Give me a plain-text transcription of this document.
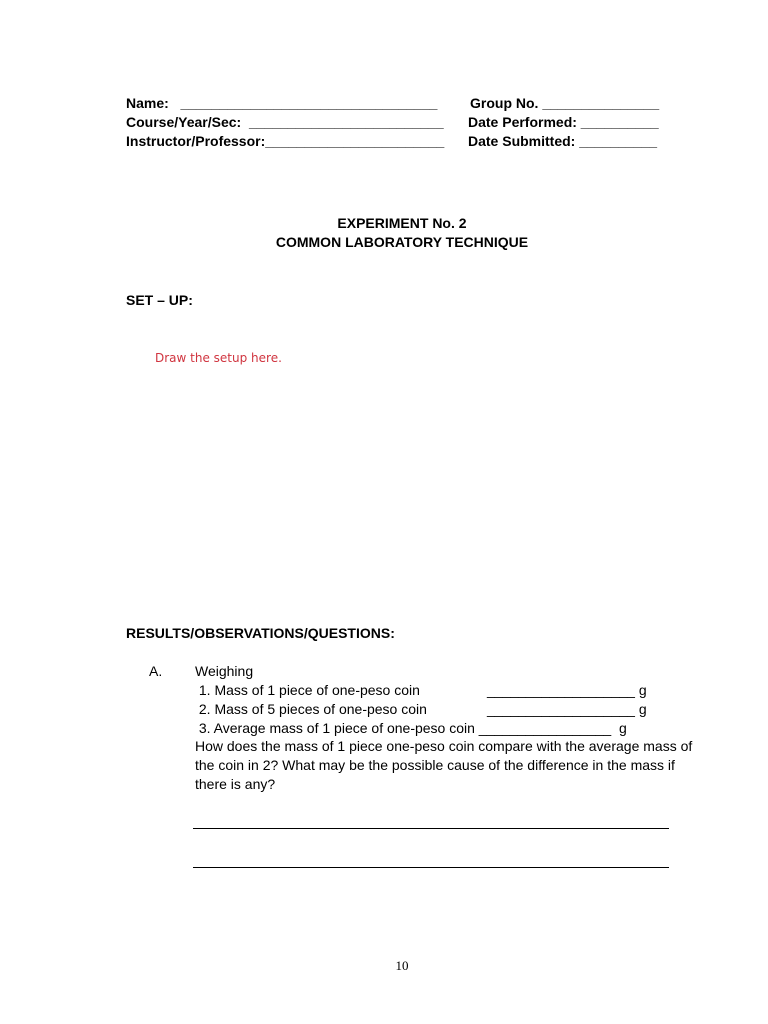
Name:   _________________________________ Group No. _______________
Course/Year/Sec:  _________________________ Date Performed: __________
Instructor/Professor:_______________________ Date Submitted: __________
EXPERIMENT No. 2
COMMON LABORATORY TECHNIQUE
SET – UP:
Draw the setup here.
RESULTS/OBSERVATIONS/QUESTIONS:
A. Weighing
1. Mass of 1 piece of one-peso coin	___________________ g
2. Mass of 5 pieces of one-peso coin	___________________ g
3. Average mass of 1 piece of one-peso coin _________________  g
How does the mass of 1 piece one-peso coin compare with the average mass of the coin in 2? What may be the possible cause of the difference in the mass if there is any?
10
